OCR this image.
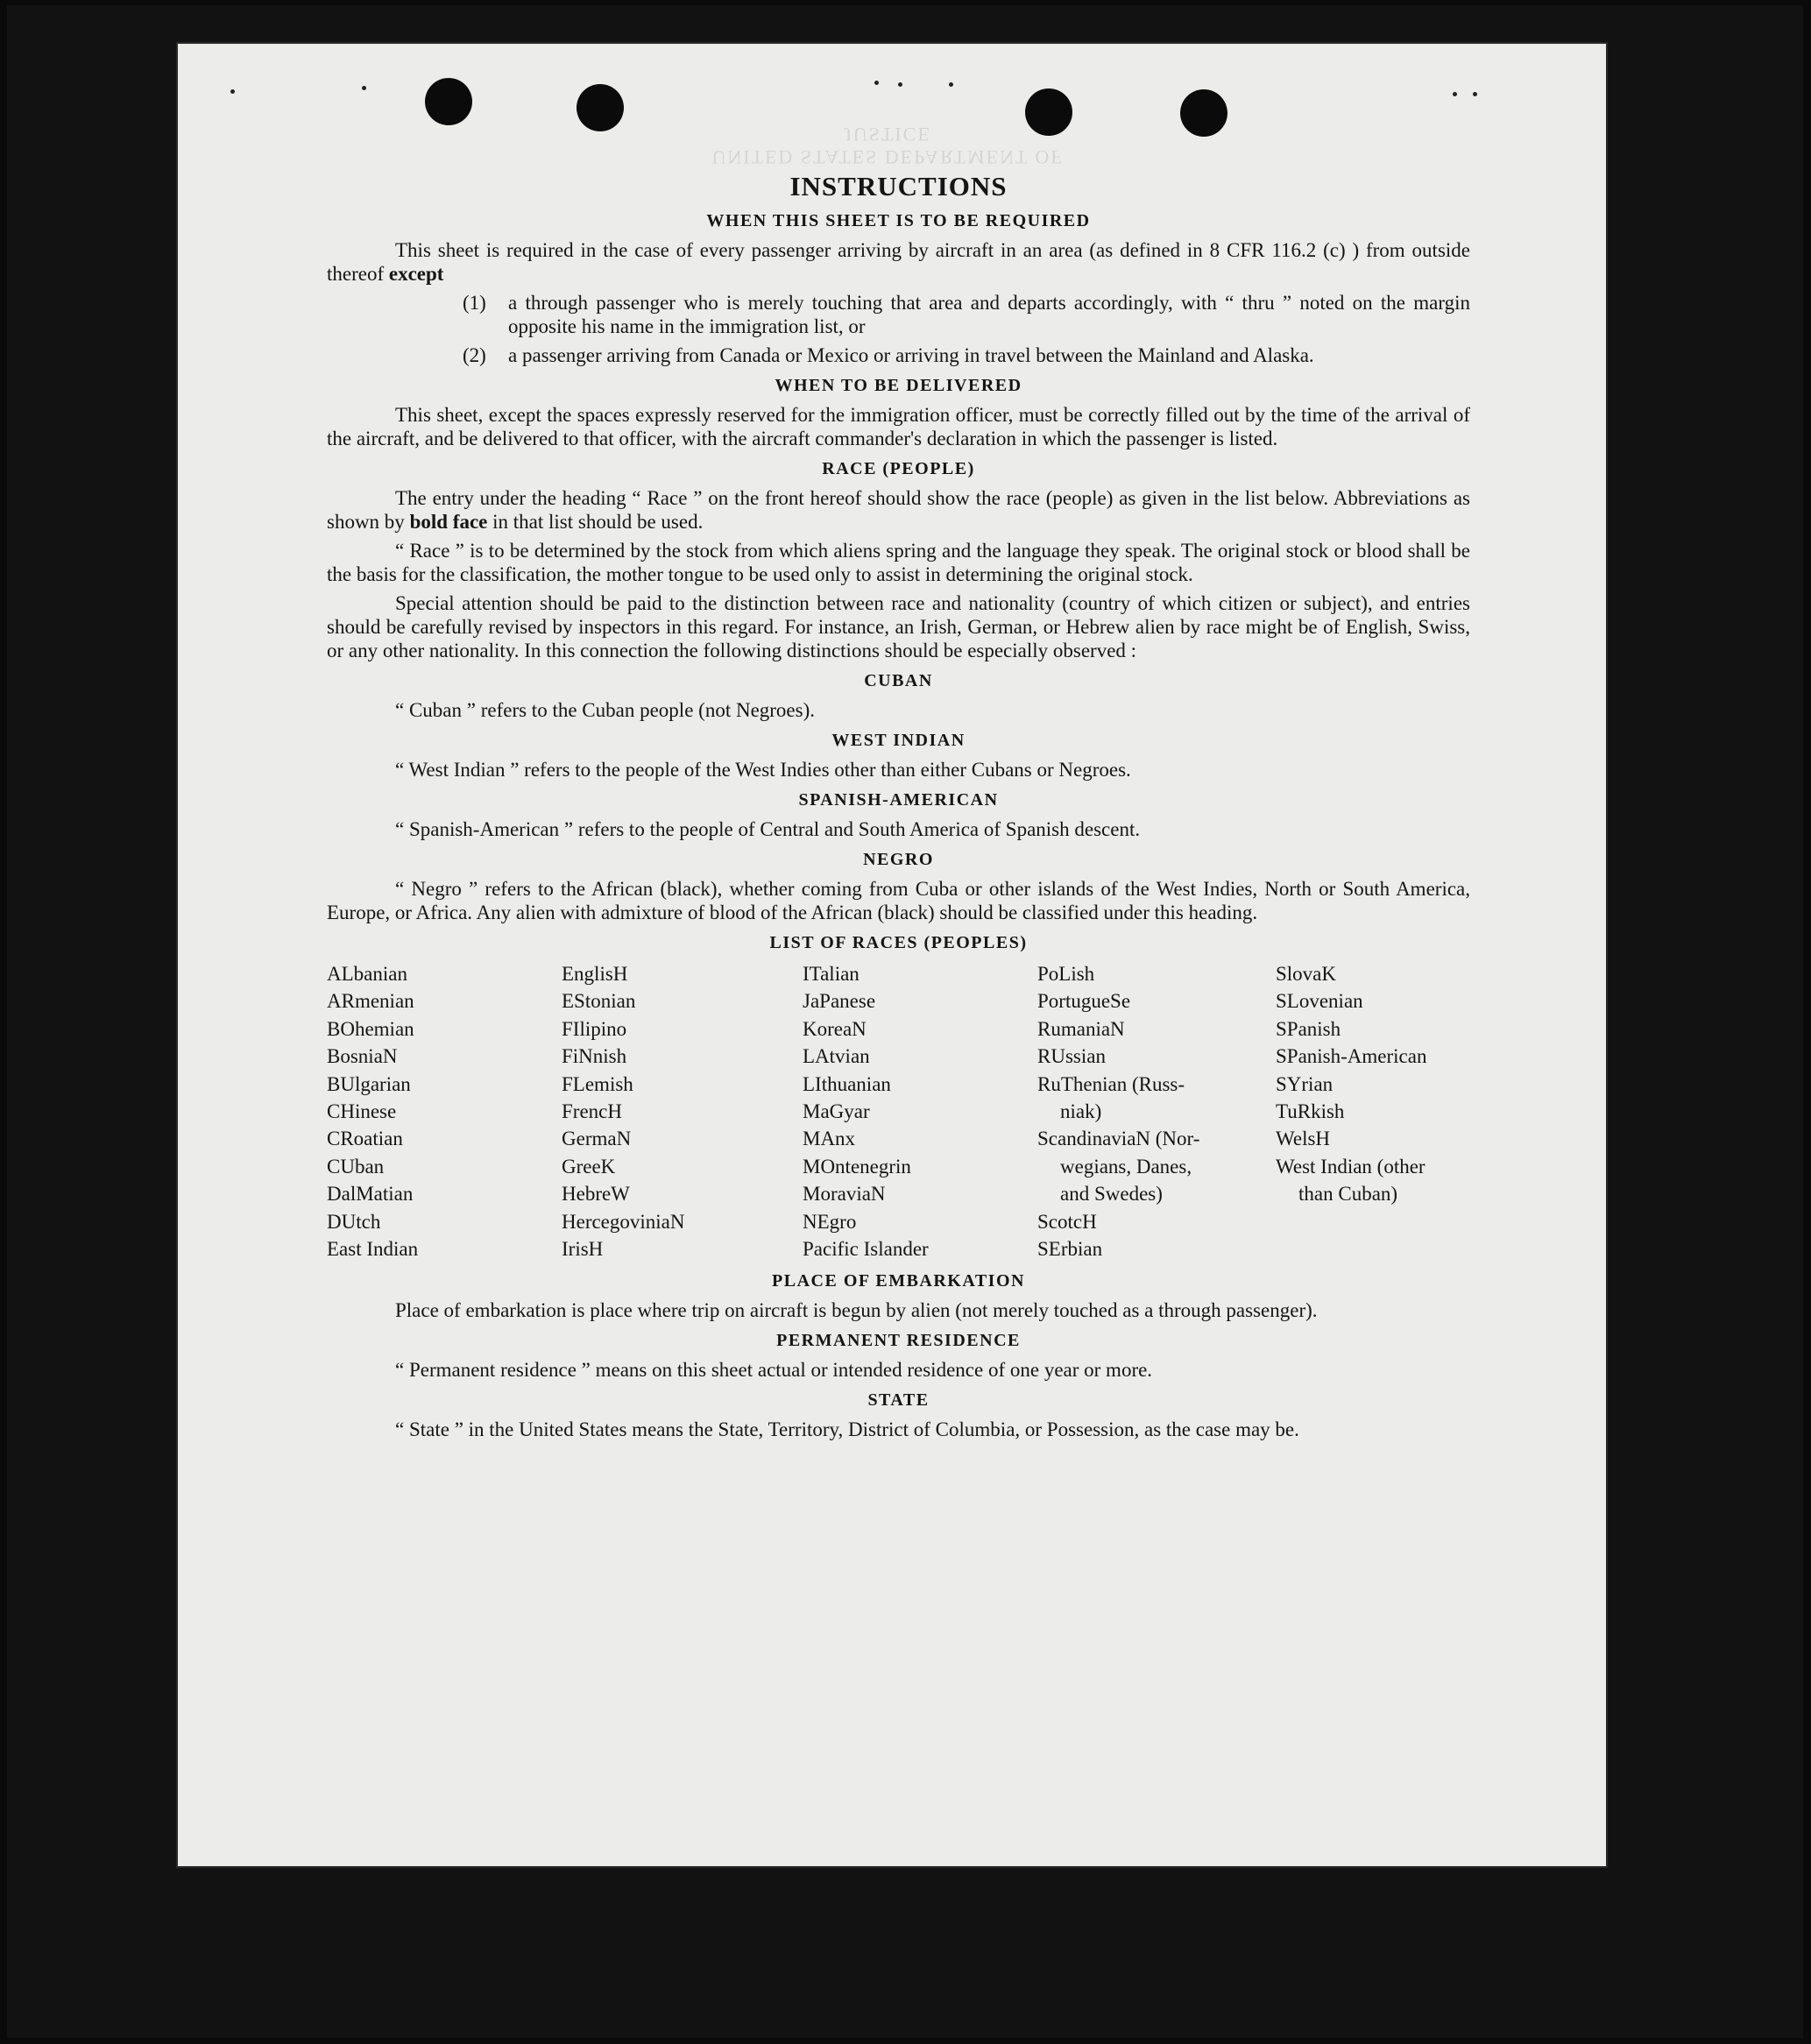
UNITED STATES DEPARTMENT OF JUSTICE
INSTRUCTIONS
WHEN THIS SHEET IS TO BE REQUIRED

This sheet is required in the case of every passenger arriving by aircraft in an area (as defined in 8 CFR 116.2 (c) ) from outside thereof except

(1)	a through passenger who is merely touching that area and departs accordingly, with “ thru ” noted on the margin opposite his name in the immigration list, or
(2)	a passenger arriving from Canada or Mexico or arriving in travel between the Mainland and Alaska.
WHEN TO BE DELIVERED

This sheet, except the spaces expressly reserved for the immigration officer, must be correctly filled out by the time of the arrival of the aircraft, and be delivered to that officer, with the aircraft commander's declaration in which the passenger is listed.

RACE (PEOPLE)

The entry under the heading “ Race ” on the front hereof should show the race (people) as given in the list below. Abbreviations as shown by bold face in that list should be used.

“ Race ” is to be determined by the stock from which aliens spring and the language they speak. The original stock or blood shall be the basis for the classification, the mother tongue to be used only to assist in determining the original stock.

Special attention should be paid to the distinction between race and nationality (country of which citizen or subject), and entries should be carefully revised by inspectors in this regard. For instance, an Irish, German, or Hebrew alien by race might be of English, Swiss, or any other nationality. In this connection the following distinctions should be especially observed :

CUBAN

“ Cuban ” refers to the Cuban people (not Negroes).

WEST INDIAN

“ West Indian ” refers to the people of the West Indies other than either Cubans or Negroes.

SPANISH-AMERICAN

“ Spanish-American ” refers to the people of Central and South America of Spanish descent.

NEGRO

“ Negro ” refers to the African (black), whether coming from Cuba or other islands of the West Indies, North or South America, Europe, or Africa. Any alien with admixture of blood of the African (black) should be classified under this heading.

LIST OF RACES (PEOPLES)
ALbanian
ARmenian
BOhemian
BosniaN
BUlgarian
CHinese
CRoatian
CUban
DalMatian
DUtch
East Indian
EnglisH
EStonian
FIlipino
FiNnish
FLemish
FrencH
GermaN
GreeK
HebreW
HercegoviniaN
IrisH
ITalian
JaPanese
KoreaN
LAtvian
LIthuanian
MaGyar
MAnx
MOntenegrin
MoraviaN
NEgro
Pacific Islander
PoLish
PortugueSe
RumaniaN
RUssian
RuThenian (Russ-
niak)
ScandinaviaN (Nor-
wegians, Danes,
and Swedes)
ScotcH
SErbian
SlovaK
SLovenian
SPanish
SPanish-American
SYrian
TuRkish
WelsH
West Indian (other
than Cuban)
PLACE OF EMBARKATION

Place of embarkation is place where trip on aircraft is begun by alien (not merely touched as a through passenger).

PERMANENT RESIDENCE

“ Permanent residence ” means on this sheet actual or intended residence of one year or more.

STATE

“ State ” in the United States means the State, Territory, District of Columbia, or Possession, as the case may be.
